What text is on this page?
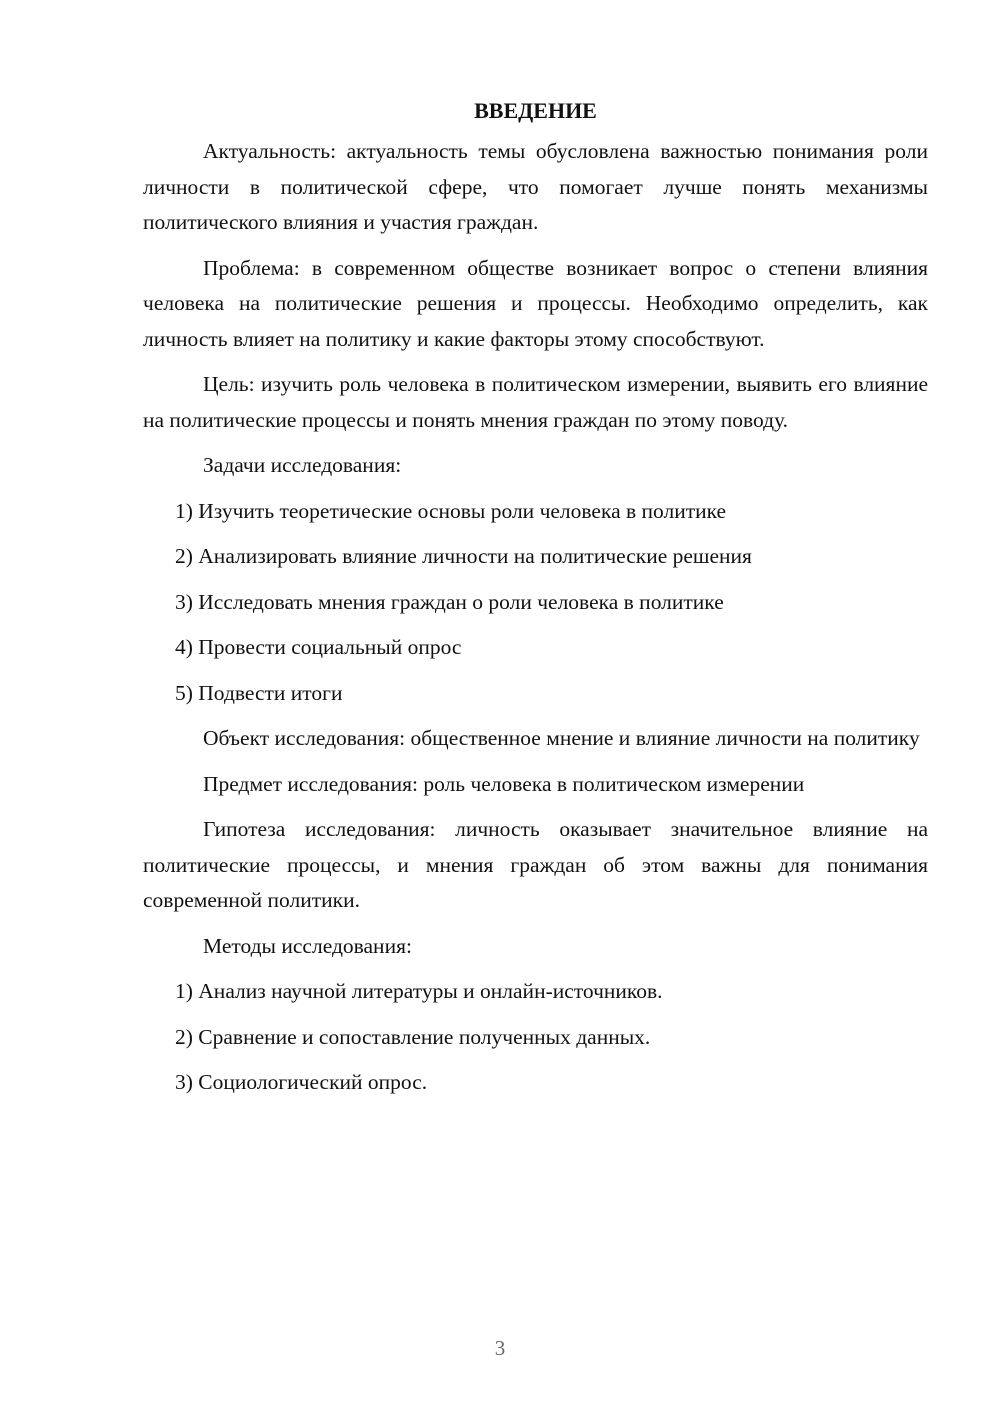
ВВЕДЕНИЕ

Актуальность: актуальность темы обусловлена важностью понимания роли личности в политической сфере, что помогает лучше понять механизмы политического влияния и участия граждан.

Проблема: в современном обществе возникает вопрос о степени влияния человека на политические решения и процессы. Необходимо определить, как личность влияет на политику и какие факторы этому способствуют.

Цель: изучить роль человека в политическом измерении, выявить его влияние на политические процессы и понять мнения граждан по этому поводу.

Задачи исследования:

1) Изучить теоретические основы роли человека в политике

2) Анализировать влияние личности на политические решения

3) Исследовать мнения граждан о роли человека в политике

4) Провести социальный опрос

5) Подвести итоги

Объект исследования: общественное мнение и влияние личности на политику

Предмет исследования: роль человека в политическом измерении

Гипотеза исследования: личность оказывает значительное влияние на политические процессы, и мнения граждан об этом важны для понимания современной политики.

Методы исследования:

1) Анализ научной литературы и онлайн-источников.

2) Сравнение и сопоставление полученных данных.

3) Социологический опрос.

3
